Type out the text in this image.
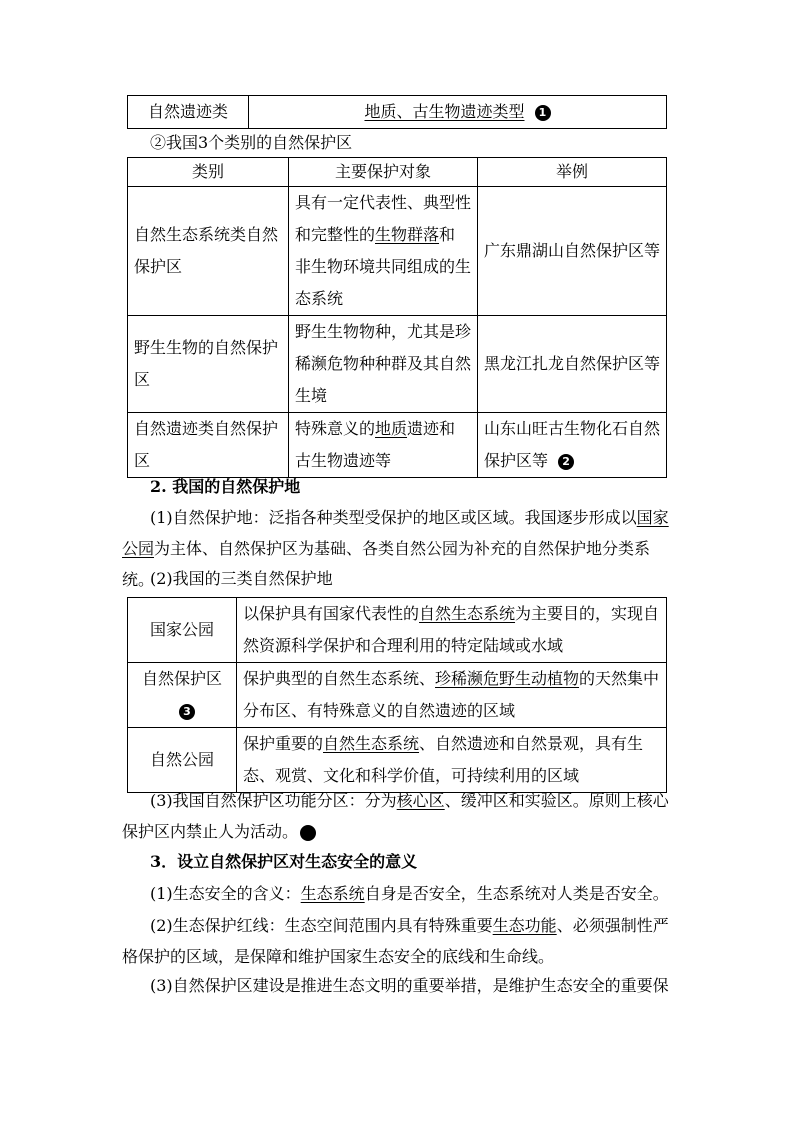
自然遗迹类	地质、古生物遗迹类型 1
②我国3个类别的自然保护区
类别	主要保护对象	举例
自然生态系统类自然保护区	具有一定代表性、典型性和完整性的生物群落和非生物环境共同组成的生态系统	广东鼎湖山自然保护区等
野生生物的自然保护区	野生生物物种，尤其是珍稀濒危物种种群及其自然生境	黑龙江扎龙自然保护区等
自然遗迹类自然保护区	特殊意义的地质遗迹和古生物遗迹等	山东山旺古生物化石自然保护区等 2
2. 我国的自然保护地
(1)自然保护地：泛指各种类型受保护的地区或区域。我国逐步形成以国家公园为主体、自然保护区为基础、各类自然公园为补充的自然保护地分类系统。
(2)我国的三类自然保护地
国家公园	以保护具有国家代表性的自然生态系统为主要目的，实现自然资源科学保护和合理利用的特定陆域或水域
自然保护区3	保护典型的自然生态系统、珍稀濒危野生动植物的天然集中分布区、有特殊意义的自然遗迹的区域
自然公园	保护重要的自然生态系统、自然遗迹和自然景观，具有生态、观赏、文化和科学价值，可持续利用的区域
(3)我国自然保护区功能分区：分为核心区、缓冲区和实验区。原则上核心保护区内禁止人为活动。 4
3．设立自然保护区对生态安全的意义
(1)生态安全的含义：生态系统自身是否安全，生态系统对人类是否安全。
(2)生态保护红线：生态空间范围内具有特殊重要生态功能、必须强制性严格保护的区域，是保障和维护国家生态安全的底线和生命线。
(3)自然保护区建设是推进生态文明的重要举措，是维护生态安全的重要保
